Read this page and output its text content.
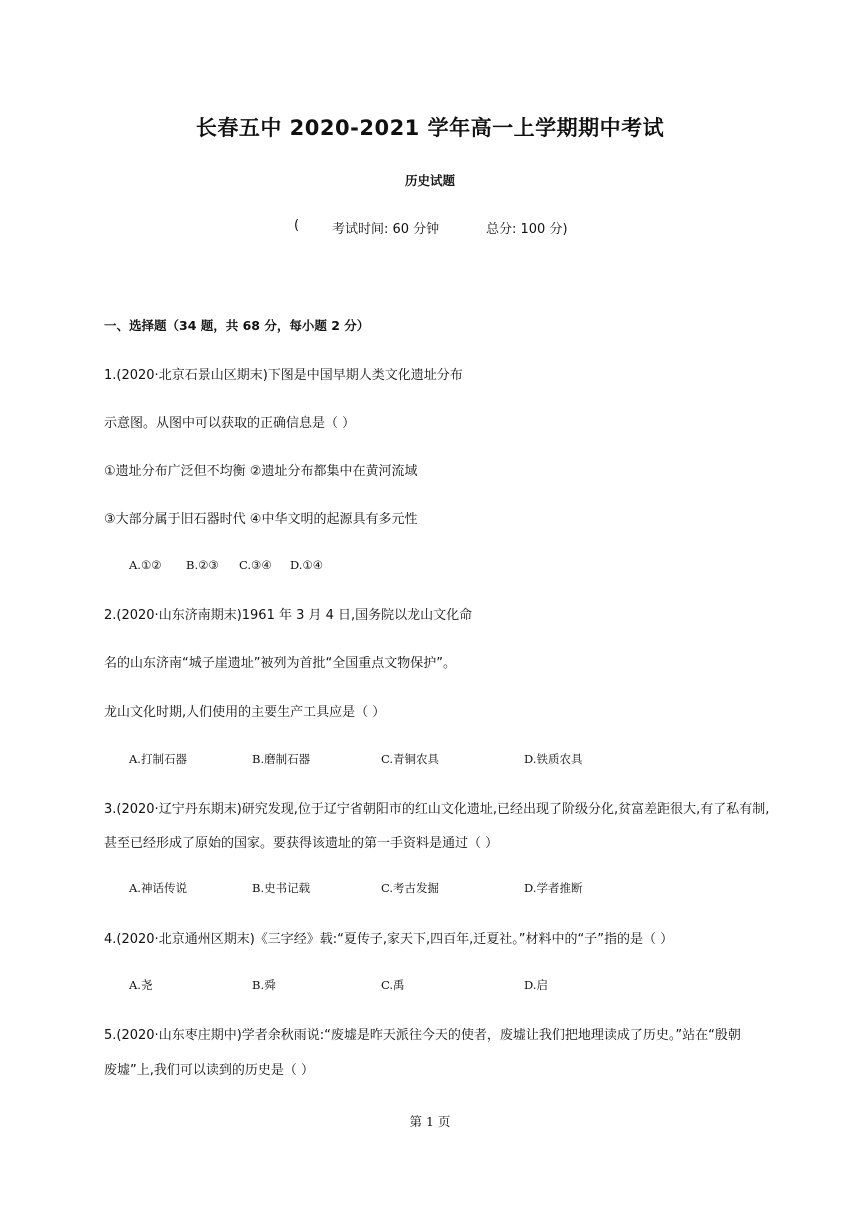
长春五中 2020-2021 学年高一上学期期中考试
历史试题
(	考试时间: 60 分钟	总分: 100 分)
一、选择题（34 题，共 68 分，每小题 2 分）
1.(2020·北京石景山区期末)下图是中国早期人类文化遗址分布
示意图。从图中可以获取的正确信息是（ ）
①遗址分布广泛但不均衡 ②遗址分布都集中在黄河流域
③大部分属于旧石器时代 ④中华文明的起源具有多元性
A.①② B.②③ C.③④ D.①④
2.(2020·山东济南期末)1961 年 3 月 4 日,国务院以龙山文化命
名的山东济南“城子崖遗址”被列为首批“全国重点文物保护”。
龙山文化时期,人们使用的主要生产工具应是（ ）
A.打制石器	B.磨制石器	C.青铜农具	D.铁质农具
3.(2020·辽宁丹东期末)研究发现,位于辽宁省朝阳市的红山文化遗址,已经出现了阶级分化,贫富差距很大,有了私有制,
甚至已经形成了原始的国家。要获得该遗址的第一手资料是通过（ ）
A.神话传说	B.史书记载	C.考古发掘	D.学者推断
4.(2020·北京通州区期末)《三字经》载:“夏传子,家天下,四百年,迁夏社。”材料中的“子”指的是（ ）
A.尧	B.舜	C.禹	D.启
5.(2020·山东枣庄期中)学者余秋雨说:“废墟是昨天派往今天的使者，废墟让我们把地理读成了历史。”站在“殷朝
废墟”上,我们可以读到的历史是（ ）
第 1 页
